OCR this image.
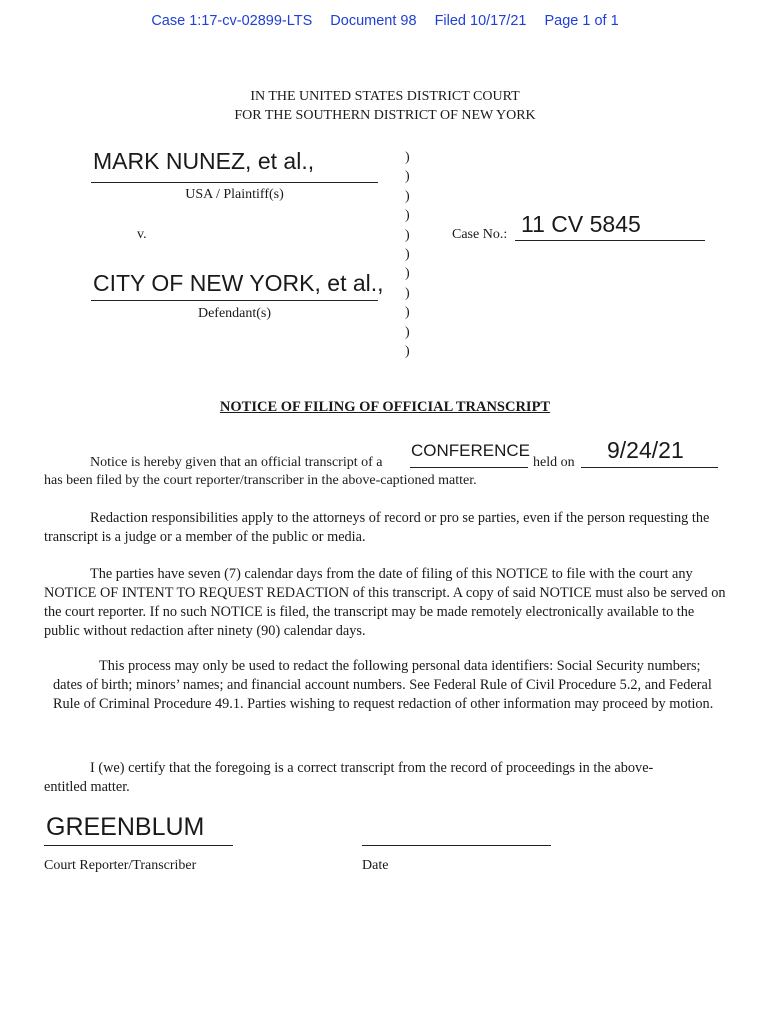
Case 1:17-cv-02899-LTS Document 98 Filed 10/17/21 Page 1 of 1
IN THE UNITED STATES DISTRICT COURT
FOR THE SOUTHERN DISTRICT OF NEW YORK
MARK NUNEZ, et al.,
USA / Plaintiff(s)
v.
CITY OF NEW YORK, et al.,
Defendant(s)
)
)
)
)
)
)
)
)
)
)
)
Case No.: 11 CV 5845
NOTICE OF FILING OF OFFICIAL TRANSCRIPT
Notice is hereby given that an official transcript of a
CONFERENCE
held on 9/24/21
has been filed by the court reporter/transcriber in the above-captioned matter.
Redaction responsibilities apply to the attorneys of record or pro se parties, even if the person requesting the transcript is a judge or a member of the public or media.
The parties have seven (7) calendar days from the date of filing of this NOTICE to file with the court any NOTICE OF INTENT TO REQUEST REDACTION of this transcript. A copy of said NOTICE must also be served on the court reporter. If no such NOTICE is filed, the transcript may be made remotely electronically available to the public without redaction after ninety (90) calendar days.
This process may only be used to redact the following personal data identifiers: Social Security numbers; dates of birth; minors’ names; and financial account numbers. See Federal Rule of Civil Procedure 5.2, and Federal Rule of Criminal Procedure 49.1. Parties wishing to request redaction of other information may proceed by motion.
I (we) certify that the foregoing is a correct transcript from the record of proceedings in the above-entitled matter.
GREENBLUM
Court Reporter/Transcriber	Date
